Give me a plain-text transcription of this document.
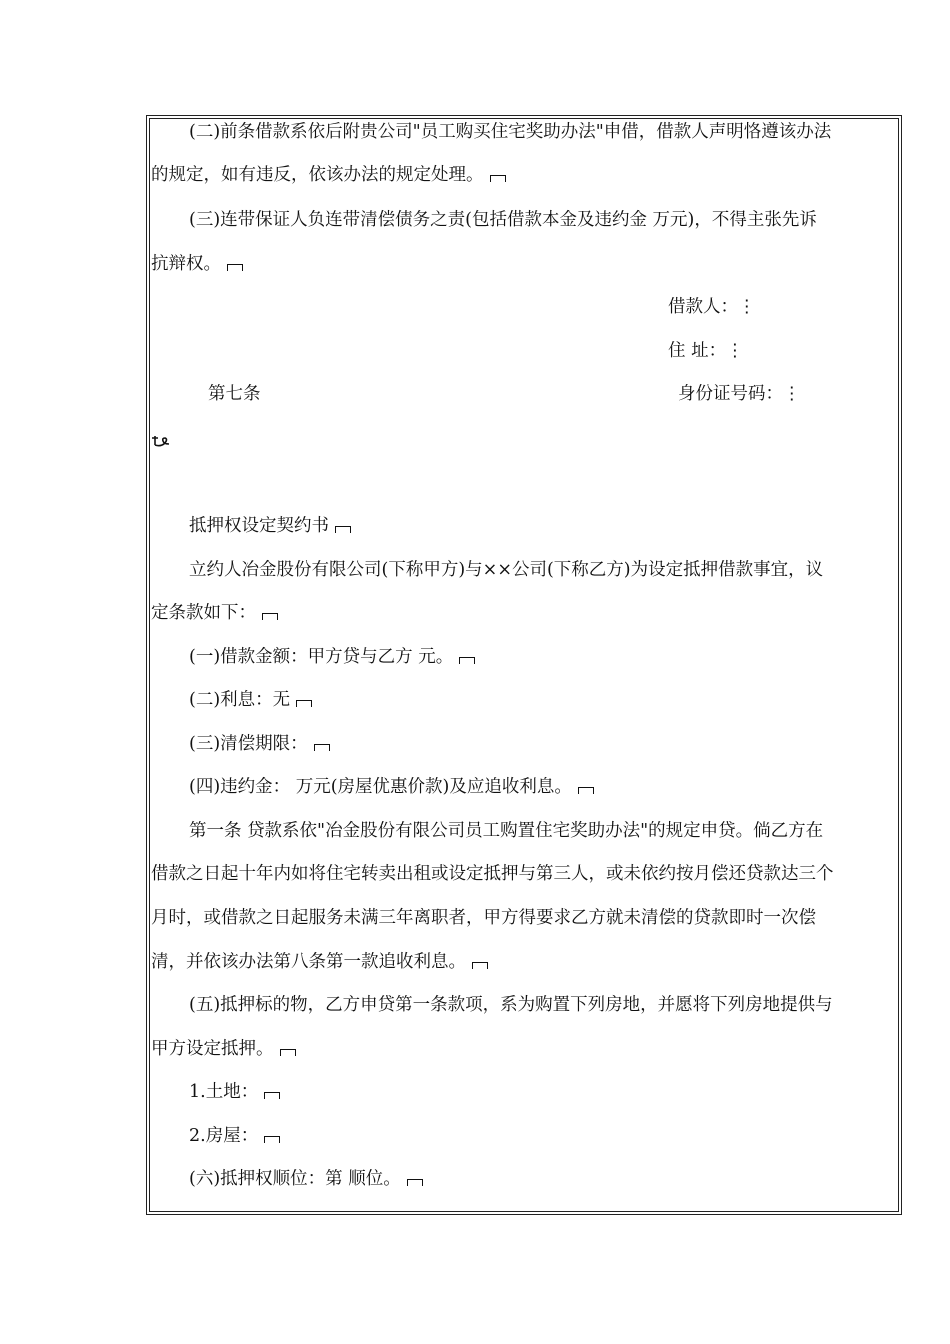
(二)前条借款系依后附贵公司"员工购买住宅奖助办法"申借，借款人声明恪遵该办法
的规定，如有违反，依该办法的规定处理。
(三)连带保证人负连带清偿债务之责(包括借款本金及违约金 万元)，不得主张先诉
抗辩权。
借款人：⋮
住 址：⋮
第七条	身份证号码：⋮
抵押权设定契约书
立约人冶金股份有限公司(下称甲方)与××公司(下称乙方)为设定抵押借款事宜，议
定条款如下：
(一)借款金额：甲方贷与乙方 元。
(二)利息：无
(三)清偿期限：
(四)违约金： 万元(房屋优惠价款)及应追收利息。
第一条 贷款系依"冶金股份有限公司员工购置住宅奖助办法"的规定申贷。倘乙方在
借款之日起十年内如将住宅转卖出租或设定抵押与第三人，或未依约按月偿还贷款达三个
月时，或借款之日起服务未满三年离职者，甲方得要求乙方就未清偿的贷款即时一次偿
清，并依该办法第八条第一款追收利息。
(五)抵押标的物，乙方申贷第一条款项，系为购置下列房地，并愿将下列房地提供与
甲方设定抵押。
1.土地：
2.房屋：
(六)抵押权顺位：第 顺位。
